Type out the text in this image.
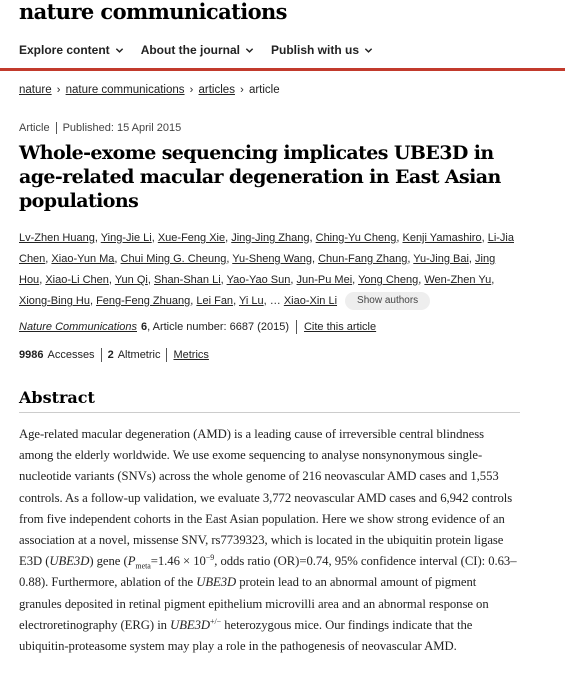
nature communications
Explore content	About the journal	Publish with us
nature › nature communications › articles › article
Article Published: 15 April 2015
Whole-exome sequencing implicates UBE3D in age-related macular degeneration in East Asian populations
Lv-Zhen Huang, Ying-Jie Li, Xue-Feng Xie, Jing-Jing Zhang, Ching-Yu Cheng, Kenji Yamashiro, Li-Jia Chen, Xiao-Yun Ma, Chui Ming G. Cheung, Yu-Sheng Wang, Chun-Fang Zhang, Yu-Jing Bai, Jing Hou, Xiao-Li Chen, Yun Qi, Shan-Shan Li, Yao-Yao Sun, Jun-Pu Mei, Yong Cheng, Wen-Zhen Yu, Xiong-Bing Hu, Feng-Feng Zhuang, Lei Fan, Yi Lu, … Xiao-Xin Li Show authors
Nature Communications 6 , Article number: 6687 (2015) Cite this article
9986 Accesses 2 Altmetric Metrics
Abstract

Age-related macular degeneration (AMD) is a leading cause of irreversible central blindness among the elderly worldwide. We use exome sequencing to analyse nonsynonymous single-nucleotide variants (SNVs) across the whole genome of 216 neovascular AMD cases and 1,553 controls. As a follow-up validation, we evaluate 3,772 neovascular AMD cases and 6,942 controls from five independent cohorts in the East Asian population. Here we show strong evidence of an association at a novel, missense SNV, rs7739323, which is located in the ubiquitin protein ligase E3D (UBE3D) gene ($P_{meta}=1.46 \times 10^{-9}$, odds ratio (OR)=0.74, 95% confidence interval (CI): 0.63–0.88). Furthermore, ablation of the UBE3D protein lead to an abnormal amount of pigment granules deposited in retinal pigment epithelium microvilli area and an abnormal response on electroretinography (ERG) in UBE3D+/− heterozygous mice. Our findings indicate that the ubiquitin-proteasome system may play a role in the pathogenesis of neovascular AMD.
